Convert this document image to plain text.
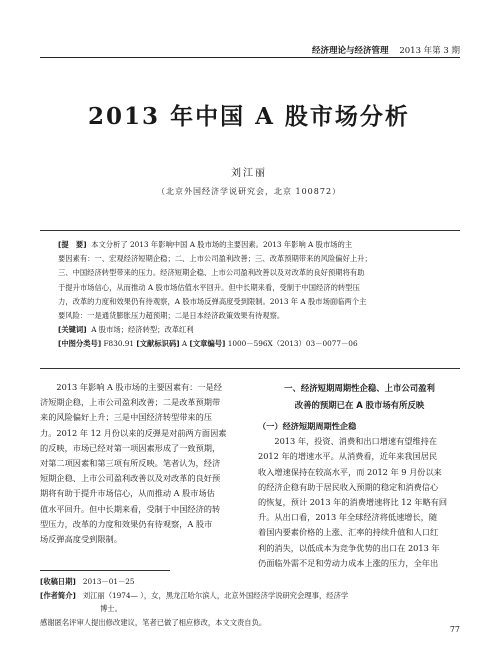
经济理论与经济管理 2013 年第 3 期
2013 年中国 A 股市场分析
刘江丽
（北京外国经济学说研究会，北京 100872）
[提　要] 本文分析了 2013 年影响中国 A 股市场的主要因素。2013 年影响 A 股市场的主
要因素有：一、宏观经济短期企稳；二、上市公司盈利改善；三、改革预期带来的风险偏好上升；
三、中国经济转型带来的压力。经济短期企稳、上市公司盈利改善以及对改革的良好预期将有助
于提升市场信心，从而推动 A 股市场估值水平回升。但中长期来看，受制于中国经济的转型压
力，改革的力度和效果仍有待观察，A 股市场反弹高度受到限制。2013 年 A 股市场面临两个主
要风险：一是通货膨胀压力超预期；二是日本经济政策效果有待观察。
[关键词] A 股市场；经济转型；改革红利
[中图分类号] F830.91 [文献标识码] A [文章编号] 1000－596X（2013）03－0077－06
2013 年影响 A 股市场的主要因素有：一是经
济短期企稳，上市公司盈利改善；二是改革预期带
来的风险偏好上升；三是中国经济转型带来的压
力。2012 年 12 月份以来的反弹是对前两方面因素
的反映，市场已经对第一项因素形成了一致预期，
对第二项因素和第三项有所反映。笔者认为，经济
短期企稳、上市公司盈利改善以及对改革的良好预
期将有助于提升市场信心，从而推动 A 股市场估
值水平回升。但中长期来看，受制于中国经济的转
型压力，改革的力度和效果仍有待观察，A 股市
场反弹高度受到限制。
一、经济短期周期性企稳、上市公司盈利
改善的预期已在 A 股市场有所反映
（一）经济短期周期性企稳
2013 年，投资、消费和出口增速有望维持在
2012 年的增速水平。从消费看，近年来我国居民
收入增速保持在较高水平，而 2012 年 9 月份以来
的经济企稳有助于居民收入预期的稳定和消费信心
的恢复，预计 2013 年的消费增速将比 12 年略有回
升。从出口看，2013 年全球经济将低速增长，随
着国内要素价格的上涨、汇率的持续升值和人口红
利的消失，以低成本为竞争优势的出口在 2013 年
仍面临外需不足和劳动力成本上涨的压力，全年出
[收稿日期] 2013－01－25
[作者简介] 刘江丽（1974— ），女，黑龙江哈尔滨人，北京外国经济学说研究会理事，经济学
博士。
感谢匿名评审人提出修改建议，笔者已做了相应修改，本文文责自负。
77
